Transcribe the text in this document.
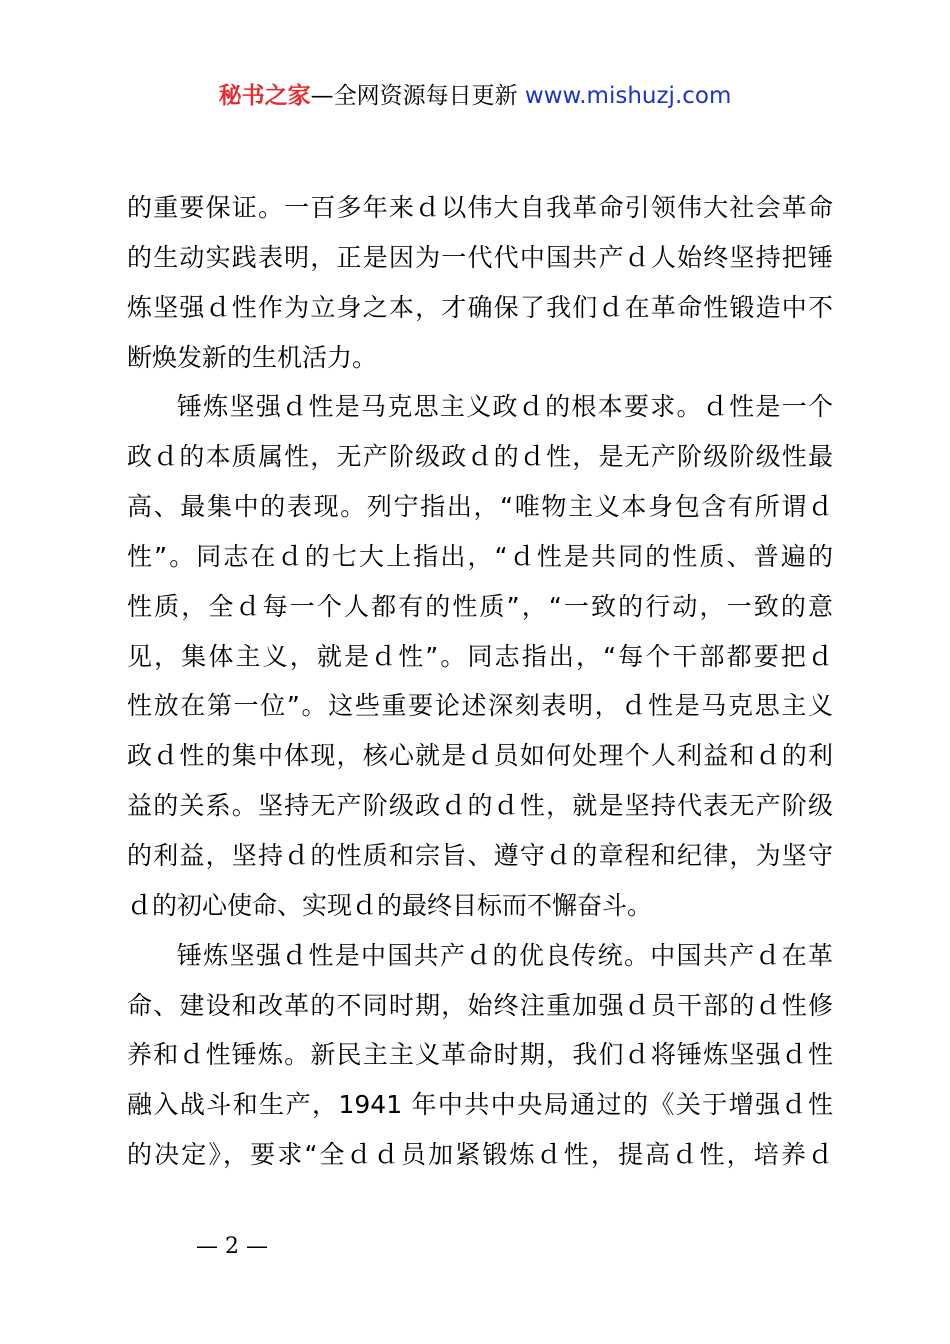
秘书之家—全网资源每日更新 www.mishuzj.com
的重要保证。一百多年来ｄ以伟大自我革命引领伟大社会革命
的生动实践表明，正是因为一代代中国共产ｄ人始终坚持把锤
炼坚强ｄ性作为立身之本，才确保了我们ｄ在革命性锻造中不
断焕发新的生机活力。
锤炼坚强ｄ性是马克思主义政ｄ的根本要求。ｄ性是一个
政ｄ的本质属性，无产阶级政ｄ的ｄ性，是无产阶级阶级性最
高、最集中的表现。列宁指出，“唯物主义本身包含有所谓ｄ
性”。同志在ｄ的七大上指出，“ｄ性是共同的性质、普遍的
性质，全ｄ每一个人都有的性质”，“一致的行动，一致的意
见，集体主义，就是ｄ性”。同志指出，“每个干部都要把ｄ
性放在第一位”。这些重要论述深刻表明，ｄ性是马克思主义
政ｄ性的集中体现，核心就是ｄ员如何处理个人利益和ｄ的利
益的关系。坚持无产阶级政ｄ的ｄ性，就是坚持代表无产阶级
的利益，坚持ｄ的性质和宗旨、遵守ｄ的章程和纪律，为坚守
ｄ的初心使命、实现ｄ的最终目标而不懈奋斗。
锤炼坚强ｄ性是中国共产ｄ的优良传统。中国共产ｄ在革
命、建设和改革的不同时期，始终注重加强ｄ员干部的ｄ性修
养和ｄ性锤炼。新民主主义革命时期，我们ｄ将锤炼坚强ｄ性
融入战斗和生产，1941 年中共中央局通过的《关于增强ｄ性
的决定》，要求“全ｄｄ员加紧锻炼ｄ性，提高ｄ性，培养ｄ
— 2 —
